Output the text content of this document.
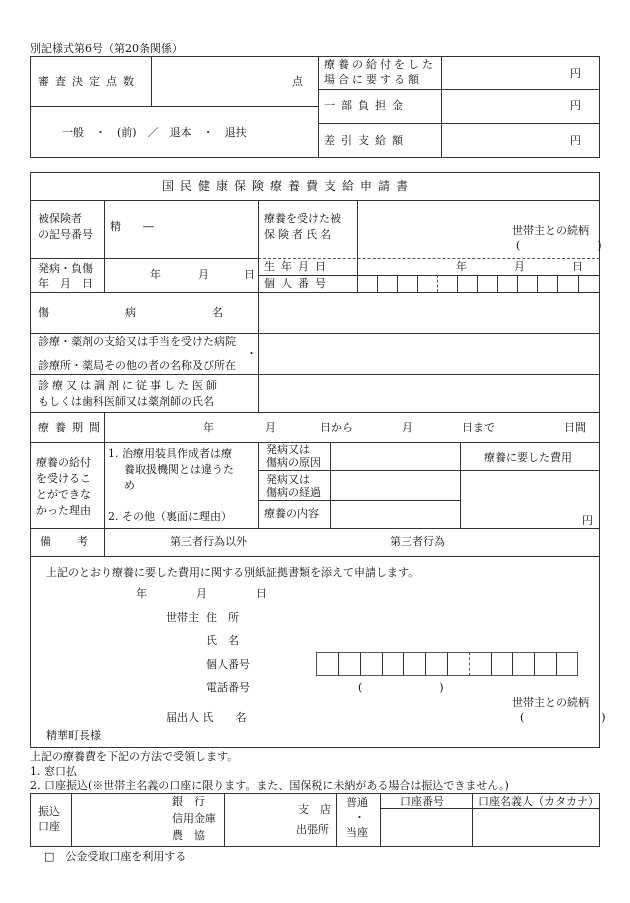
別記様式第6号（第20条関係）
審査決定点数	点
一般　・　(前)　／　退本　・　退扶
療養の給付をした
場合に要する額	円
一部負担金	円
差引支給額	円
国民健康保険療養費支給申請書
被保険者
の記号番号
精　　―
療養を受けた被
保険者氏名	世帯主との続柄
(　　　　　　　)
発病・負傷
年　月　日
年	月	日
生年月日	年	月	日
個人番号
傷病名
診療・薬剤の支給又は手当を受けた病院
・
診療所・薬局その他の者の名称及び所在
診療又は調剤に従事した医師
もしくは歯科医師又は薬剤師の氏名
療養期間	年	月	日から	月	日まで	日間
療養の給付
を受けるこ
とができな
かった理由
1. 治療用装具作成者は療
養取扱機関とは違うた
め
2. その他（裏面に理由）
発病又は
傷病の原因
発病又は
傷病の経過
療養の内容
療養に要した費用
円
備考	第三者行為以外	第三者行為
上記のとおり療養に要した費用に関する別紙証拠書類を添えて申請します。
年	月	日
世帯主 住　所
氏　名
個人番号
電話番号	(　　　　　　　)
世帯主との続柄
(　　　　　　　)
届出人 氏　　名
精華町長様
上記の療養費を下記の方法で受領します。
1. 窓口払
2. 口座振込(※世帯主名義の口座に限ります。また、国保税に未納がある場合は振込できません。)
振込
口座
銀　行
信用金庫
農　協
支　店
出張所
普通
・
当座
口座番号	口座名義人（カタカナ）
□　公金受取口座を利用する
